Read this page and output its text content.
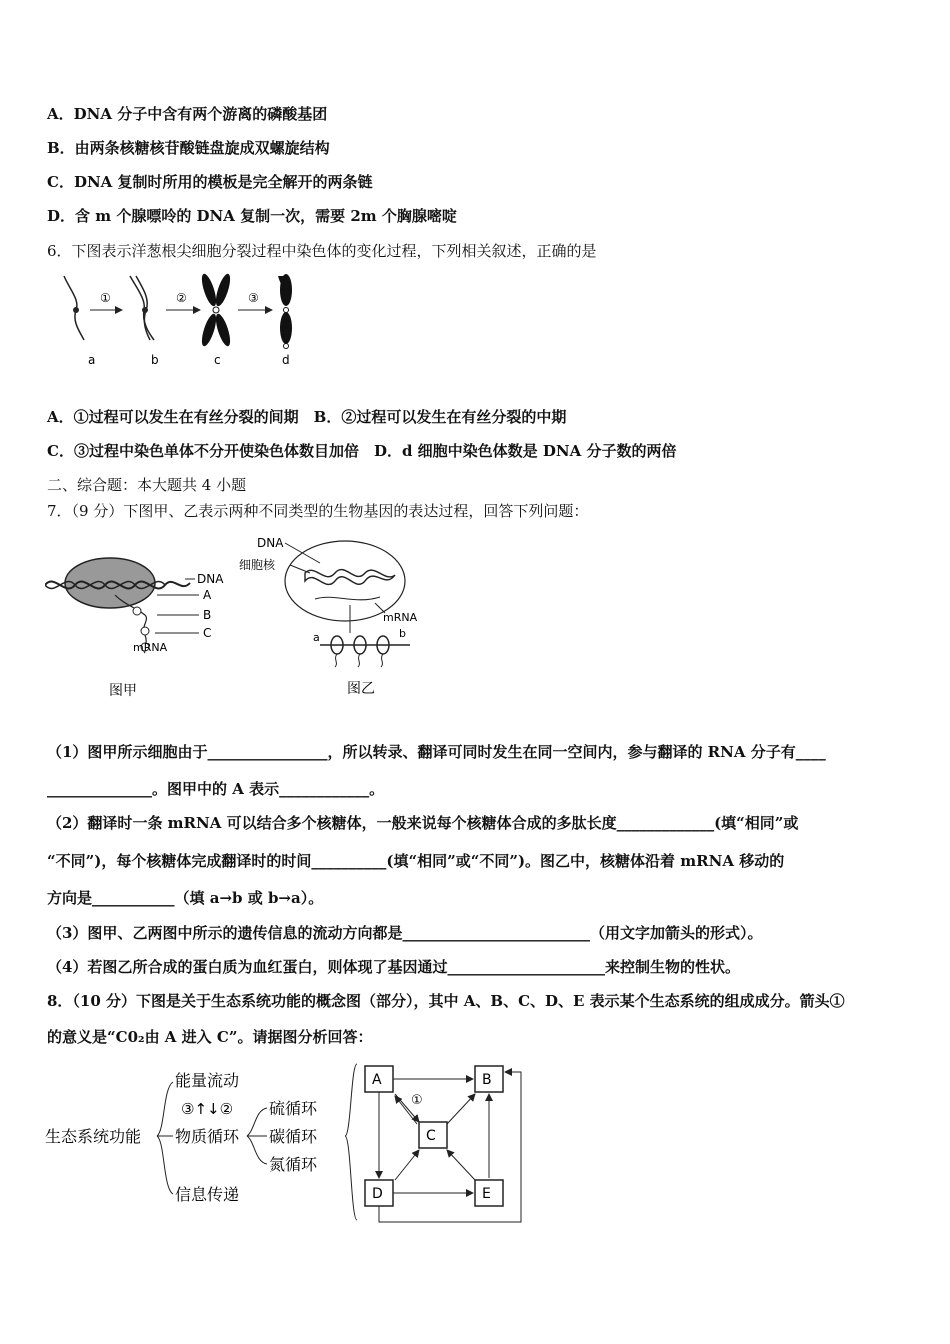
A．DNA 分子中含有两个游离的磷酸基团
B．由两条核糖核苷酸链盘旋成双螺旋结构
C．DNA 复制时所用的模板是完全解开的两条链
D．含 m 个腺嘌呤的 DNA 复制一次，需要 2m 个胸腺嘧啶
6．下图表示洋葱根尖细胞分裂过程中染色体的变化过程，下列相关叙述，正确的是
①	②	③
a	b	c	d
A．①过程可以发生在有丝分裂的间期　B．②过程可以发生在有丝分裂的中期
C．③过程中染色单体不分开使染色体数目加倍　D．d 细胞中染色体数是 DNA 分子数的两倍
二、综合题：本大题共 4 小题
7．（9 分）下图甲、乙表示两种不同类型的生物基因的表达过程，回答下列问题：
DNA
A
B
C
mRNA
图甲
DNA
细胞核
mRNA
a	b
图乙
（1）图甲所示细胞由于________________，所以转录、翻译可同时发生在同一空间内，参与翻译的 RNA 分子有____
______________。图甲中的 A 表示____________。
（2）翻译时一条 mRNA 可以结合多个核糖体，一般来说每个核糖体合成的多肽长度_____________(填“相同”或
“不同”)，每个核糖体完成翻译时的时间__________(填“相同”或“不同”)。图乙中，核糖体沿着 mRNA 移动的
方向是___________（填 a→b 或 b→a）。
（3）图甲、乙两图中所示的遗传信息的流动方向都是_________________________（用文字加箭头的形式）。
（4）若图乙所合成的蛋白质为血红蛋白，则体现了基因通过_____________________来控制生物的性状。
8．（10 分）下图是关于生态系统功能的概念图（部分），其中 A、B、C、D、E 表示某个生态系统的组成成分。箭头①
的意义是“C0₂由 A 进入 C”。请据图分析回答：
生态系统功能
能量流动
③↑↓②
物质循环
信息传递
硫循环
碳循环
氮循环
A	B
C
D	E
①
